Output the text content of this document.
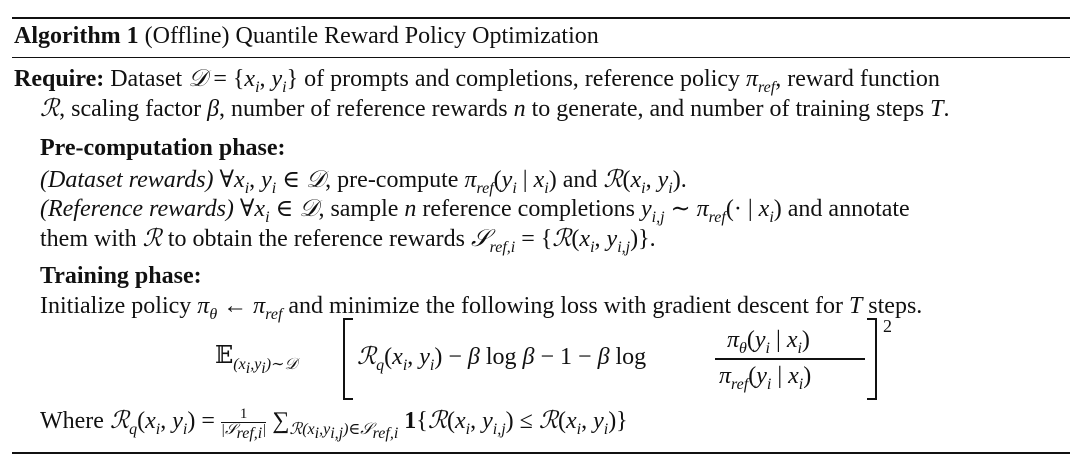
Algorithm 1 (Offline) Quantile Reward Policy Optimization
Require: Dataset 𝒟 = {$x_i$, $y_i$} of prompts and completions, reference policy $\pi_{ref}$, reward function
ℛ, scaling factor β, number of reference rewards n to generate, and number of training steps T.
Pre-computation phase:
(Dataset rewards) $\forall x_i$, $y_i$ ∈ 𝒟, pre-compute $\pi_{ref}(y_i$ | $x_i$) and $ℛ(x_i$, $y_i$).
(Reference rewards) $\forall x_i$ ∈ 𝒟, sample n reference completions $y_{i,j}$ ∼ $\pi_{ref}(\cdot$ | $x_i$) and annotate
them with ℛ to obtain the reference rewards 𝒮$_{ref,i}$ = {$ℛ(x_i$, $y_{i,j}$)}.
Training phase:
Initialize policy $\pi_\theta$ ← $\pi_{ref}$ and minimize the following loss with gradient descent for T steps.
𝔼$_{(x_i,y_i)\sim 𝒟}$ $ℛ_q(x_i$, $y_i) - \beta$ log β − 1 − β log
$\pi_\theta(y_i$ | $x_i$)
$\pi_{ref}(y_i$ | $x_i$)
2
Where $ℛ_q(x_i$, $y_i$) =	1
|𝒮$_{ref,i}$| $\sum_{ℛ(x_i,y_{i,j})\in 𝒮_{ref,i}}$ $1\{ℛ(x_i$, $y_{i,j}$) ≤ $ℛ(x_i$, $y_i$)}
